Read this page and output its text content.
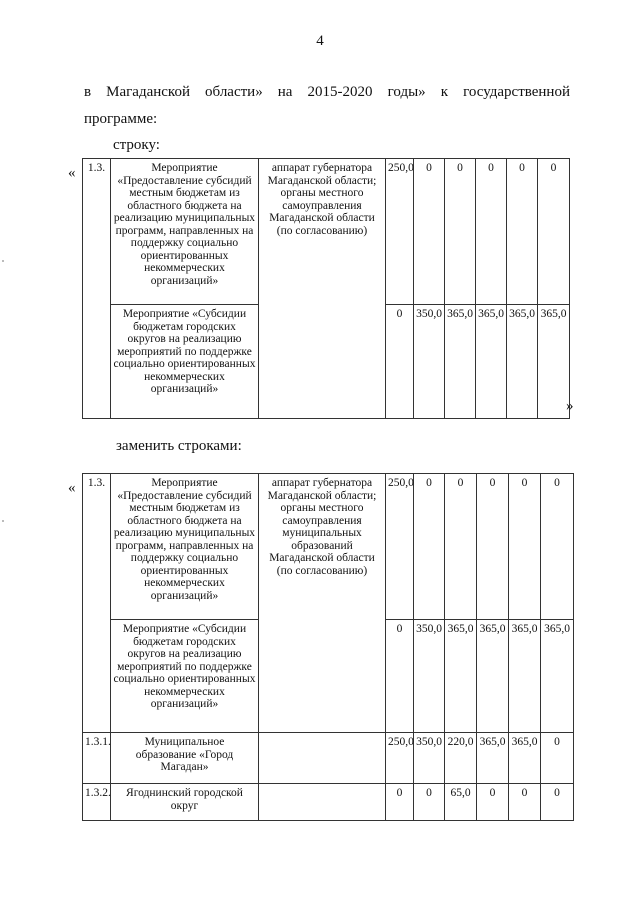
4
в Магаданской области» на 2015-2020 годы» к государственной
программе:
строку:
« 1.3.	Мероприятие «Предоставление субсидий местным бюджетам из областного бюджета на реализацию муниципальных программ, направленных на поддержку социально ориентированных некоммерческих организаций»	аппарат губернатора Магаданской области; органы местного самоуправления Магаданской области (по согласованию)	250,0	0	0	0	0	0
	Мероприятие «Субсидии бюджетам городских округов на реализацию мероприятий по поддержке социально ориентированных некоммерческих организаций»		0	350,0	365,0	365,0	365,0	365,0
»
заменить строками:
« 1.3.	Мероприятие «Предоставление субсидий местным бюджетам из областного бюджета на реализацию муниципальных программ, направленных на поддержку социально ориентированных некоммерческих организаций»	аппарат губернатора Магаданской области; органы местного самоуправления муниципальных образований Магаданской области (по согласованию)	250,0	0	0	0	0	0
	Мероприятие «Субсидии бюджетам городских округов на реализацию мероприятий по поддержке социально ориентированных некоммерческих организаций»		0	350,0	365,0	365,0	365,0	365,0
1.3.1.	Муниципальное образование «Город Магадан»		250,0	350,0	220,0	365,0	365,0	0
1.3.2.	Ягоднинский городской округ		0	0	65,0	0	0	0
